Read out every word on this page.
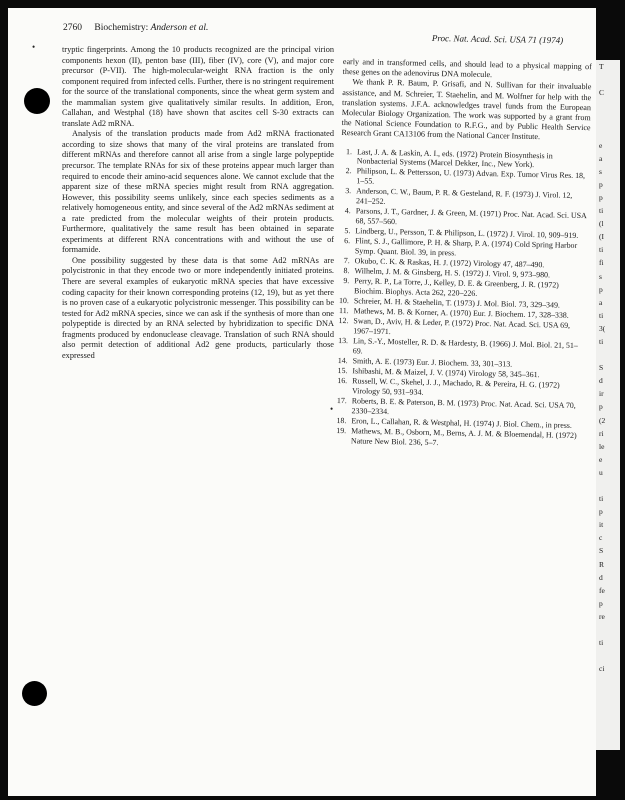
T
C
e
a
s
p
p
ti
(l
(I
ti
fi
s
p
a
ti
3(
ti
S
d
ir
p
(2
ri
le
e
u
ti
p
it
c
S
R
d
fe
p
re
ti
ci
•
•
2760 Biochemistry: Anderson et al.
Proc. Nat. Acad. Sci. USA 71 (1974)

tryptic fingerprints. Among the 10 products recognized are the principal virion components hexon (II), penton base (III), fiber (IV), core (V), and major core precursor (P-VII). The high-molecular-weight RNA fraction is the only component required from infected cells. Further, there is no stringent requirement for the source of the translational components, since the wheat germ system and the mammalian system give qualitatively similar results. In addition, Eron, Callahan, and Westphal (18) have shown that ascites cell S-30 extracts can translate Ad2 mRNA.

Analysis of the translation products made from Ad2 mRNA fractionated according to size shows that many of the viral proteins are translated from different mRNAs and therefore cannot all arise from a single large polypeptide precursor. The template RNAs for six of these proteins appear much larger than required to encode their amino-acid sequences alone. We cannot exclude that the apparent size of these mRNA species might result from RNA aggregation. However, this possibility seems unlikely, since each species sediments as a relatively homogeneous entity, and since several of the Ad2 mRNAs sediment at a rate predicted from the molecular weights of their protein products. Furthermore, qualitatively the same result has been obtained in separate experiments at different RNA concentrations with and without the use of formamide.

One possibility suggested by these data is that some Ad2 mRNAs are polycistronic in that they encode two or more independently initiated proteins. There are several examples of eukaryotic mRNA species that have excessive coding capacity for their known corresponding proteins (12, 19), but as yet there is no proven case of a eukaryotic polycistronic messenger. This possibility can be tested for Ad2 mRNA species, since we can ask if the synthesis of more than one polypeptide is directed by an RNA selected by hybridization to specific DNA fragments produced by endonuclease cleavage. Translation of such RNA should also permit detection of additional Ad2 gene products, particularly those expressed

early and in transformed cells, and should lead to a physical mapping of these genes on the adenovirus DNA molecule.

We thank P. R. Baum, P. Grisafi, and N. Sullivan for their invaluable assistance, and M. Schreier, T. Staehelin, and M. Wolfner for help with the translation systems. J.F.A. acknowledges travel funds from the European Molecular Biology Organization. The work was supported by a grant from the National Science Foundation to R.F.G., and by Public Health Service Research Grant CA13106 from the National Cancer Institute.

1. Last, J. A. & Laskin, A. I., eds. (1972) Protein Biosynthesis in Nonbacterial Systems (Marcel Dekker, Inc., New York).
2. Philipson, L. & Pettersson, U. (1973) Advan. Exp. Tumor Virus Res. 18, 1–55.
3. Anderson, C. W., Baum, P. R. & Gesteland, R. F. (1973) J. Virol. 12, 241–252.
4. Parsons, J. T., Gardner, J. & Green, M. (1971) Proc. Nat. Acad. Sci. USA 68, 557–560.
5. Lindberg, U., Persson, T. & Philipson, L. (1972) J. Virol. 10, 909–919.
6. Flint, S. J., Gallimore, P. H. & Sharp, P. A. (1974) Cold Spring Harbor Symp. Quant. Biol. 39, in press.
7. Okubo, C. K. & Raskas, H. J. (1972) Virology 47, 487–490.
8. Wilhelm, J. M. & Ginsberg, H. S. (1972) J. Virol. 9, 973–980.
9. Perry, R. P., La Torre, J., Kelley, D. E. & Greenberg, J. R. (1972) Biochim. Biophys. Acta 262, 220–226.
10. Schreier, M. H. & Staehelin, T. (1973) J. Mol. Biol. 73, 329–349.
11. Mathews, M. B. & Korner, A. (1970) Eur. J. Biochem. 17, 328–338.
12. Swan, D., Aviv, H. & Leder, P. (1972) Proc. Nat. Acad. Sci. USA 69, 1967–1971.
13. Lin, S.-Y., Mosteller, R. D. & Hardesty, B. (1966) J. Mol. Biol. 21, 51–69.
14. Smith, A. E. (1973) Eur. J. Biochem. 33, 301–313.
15. Ishibashi, M. & Maizel, J. V. (1974) Virology 58, 345–361.
16. Russell, W. C., Skehel, J. J., Machado, R. & Pereira, H. G. (1972) Virology 50, 931–934.
17. Roberts, B. E. & Paterson, B. M. (1973) Proc. Nat. Acad. Sci. USA 70, 2330–2334.
18. Eron, L., Callahan, R. & Westphal, H. (1974) J. Biol. Chem., in press.
19. Mathews, M. B., Osborn, M., Berns, A. J. M. & Bloemendal, H. (1972) Nature New Biol. 236, 5–7.
